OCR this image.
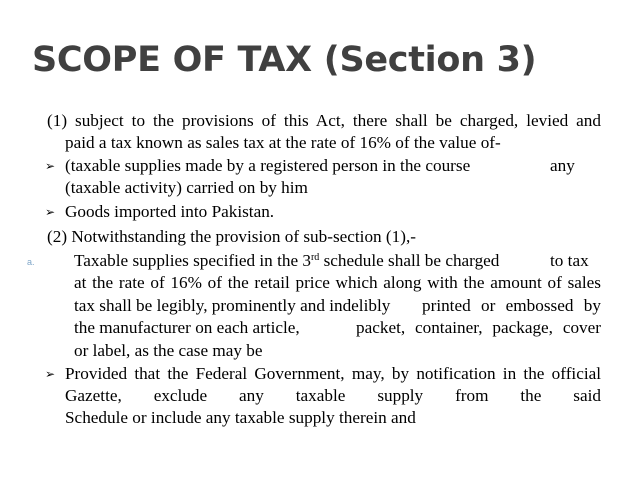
SCOPE OF TAX (Section 3)
(1) subject to the provisions of this Act, there shall be charged, levied and
paid a tax known as sales tax at the rate of 16% of the value of-
➢ (taxable supplies made by a registered person in the course	any
(taxable activity) carried on by him
➢ Goods imported into Pakistan.
(2) Notwithstanding the provision of sub-section (1),-
a. Taxable supplies specified in the 3rd schedule shall be charged	to tax
at the rate of 16% of the retail price which along with the amount of sales
tax shall be legibly, prominently and indelibly printed or embossed by
the manufacturer on each article,	packet, container, package, cover
or label, as the case may be
➢ Provided that the Federal Government, may, by notification in the official
Gazette, exclude any taxable supply from the said
Schedule or include any taxable supply therein and
